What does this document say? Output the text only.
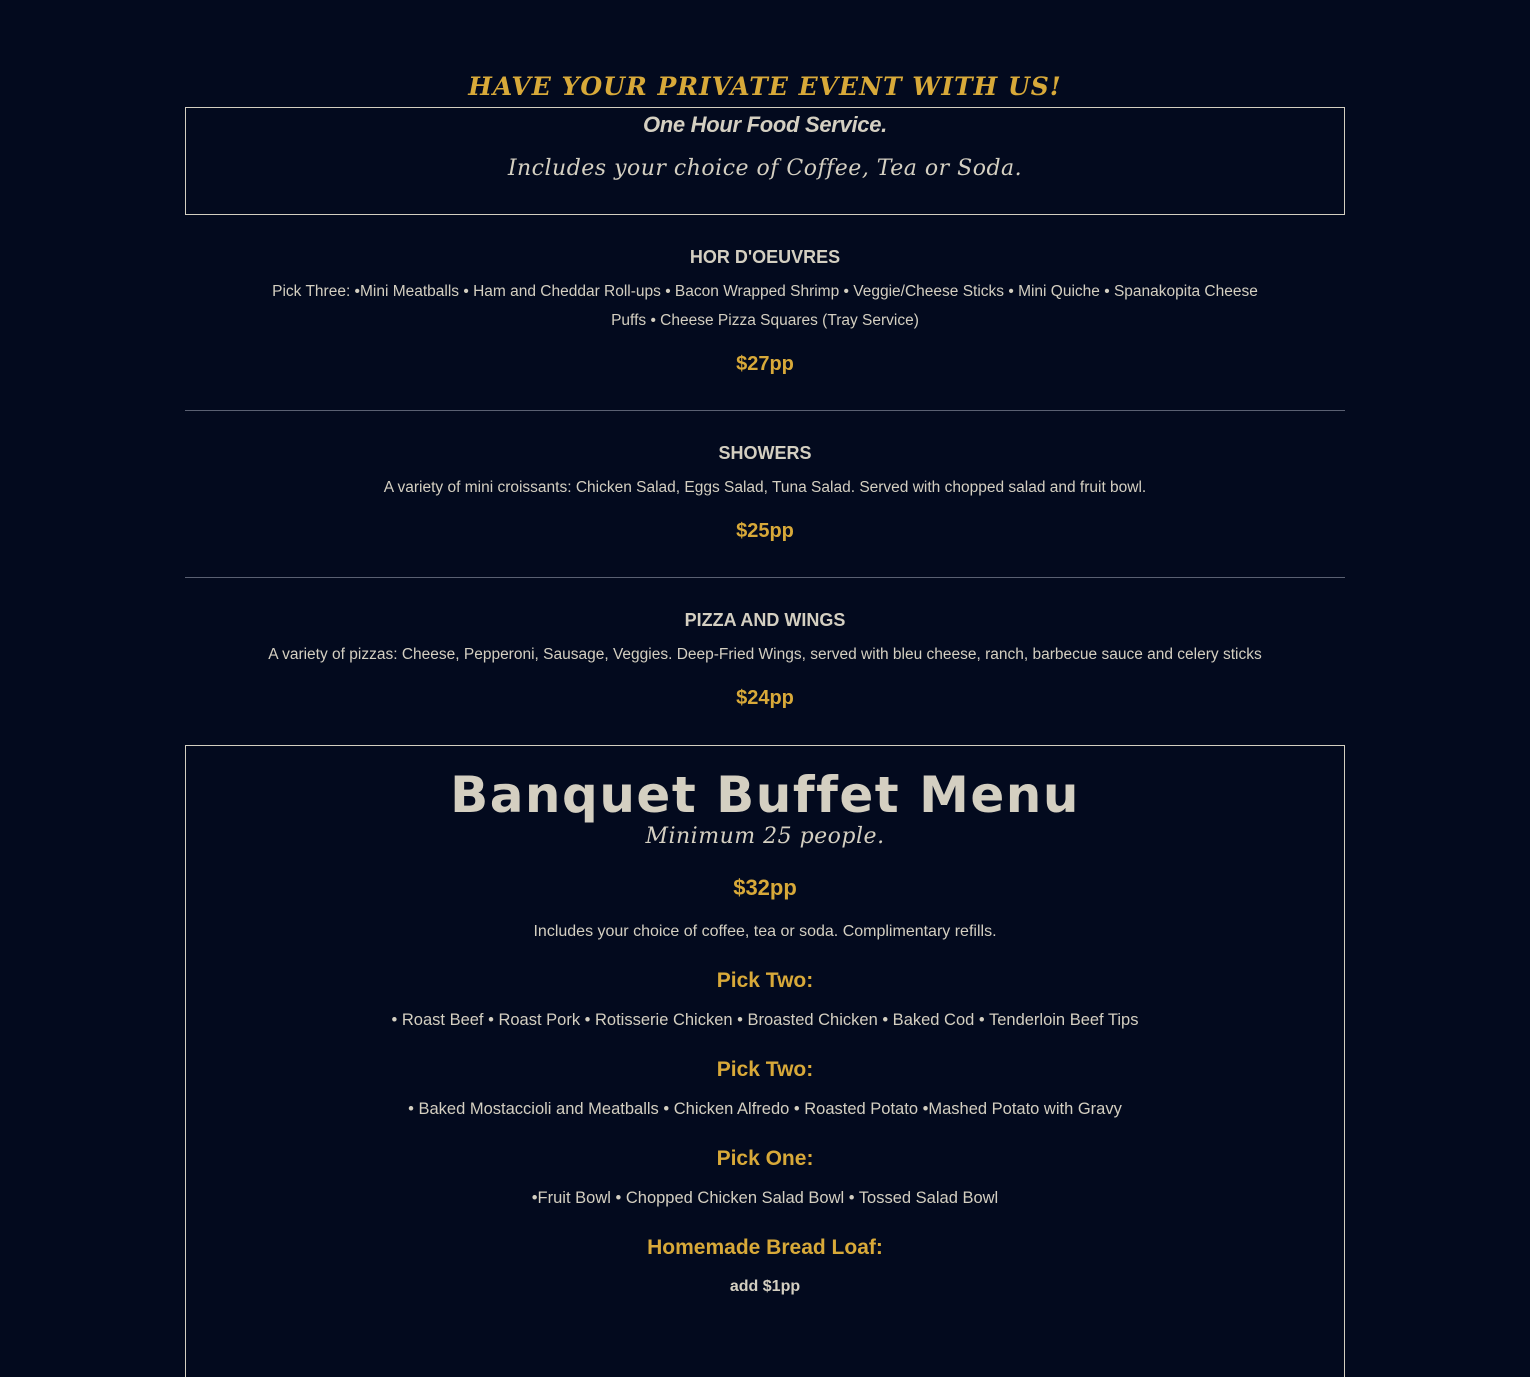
HAVE YOUR PRIVATE EVENT WITH US!
One Hour Food Service.
Includes your choice of Coffee, Tea or Soda.
HOR D'OEUVRES
Pick Three: •Mini Meatballs • Ham and Cheddar Roll-ups • Bacon Wrapped Shrimp • Veggie/Cheese Sticks • Mini Quiche • Spanakopita Cheese Puffs • Cheese Pizza Squares (Tray Service)
$27pp
SHOWERS
A variety of mini croissants: Chicken Salad, Eggs Salad, Tuna Salad. Served with chopped salad and fruit bowl.
$25pp
PIZZA AND WINGS
A variety of pizzas: Cheese, Pepperoni, Sausage, Veggies. Deep-Fried Wings, served with bleu cheese, ranch, barbecue sauce and celery sticks
$24pp
Banquet Buffet Menu
Minimum 25 people.
$32pp
Includes your choice of coffee, tea or soda. Complimentary refills.
Pick Two:
• Roast Beef • Roast Pork • Rotisserie Chicken • Broasted Chicken • Baked Cod • Tenderloin Beef Tips
Pick Two:
• Baked Mostaccioli and Meatballs • Chicken Alfredo • Roasted Potato •Mashed Potato with Gravy
Pick One:
•Fruit Bowl • Chopped Chicken Salad Bowl • Tossed Salad Bowl
Homemade Bread Loaf:
add $1pp
